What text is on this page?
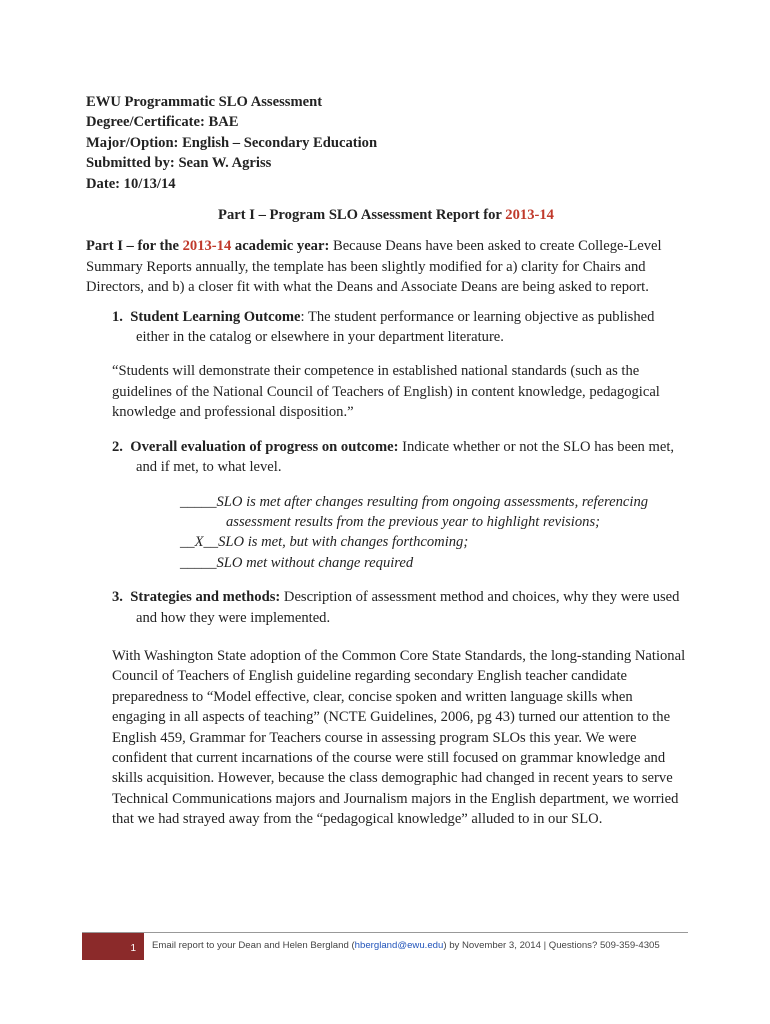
EWU Programmatic SLO Assessment
Degree/Certificate: BAE
Major/Option: English – Secondary Education
Submitted by: Sean W. Agriss
Date: 10/13/14
Part I – Program SLO Assessment Report for 2013-14
Part I – for the 2013-14 academic year: Because Deans have been asked to create College-Level Summary Reports annually, the template has been slightly modified for a) clarity for Chairs and Directors, and b) a closer fit with what the Deans and Associate Deans are being asked to report.
1. Student Learning Outcome: The student performance or learning objective as published either in the catalog or elsewhere in your department literature.
“Students will demonstrate their competence in established national standards (such as the guidelines of the National Council of Teachers of English) in content knowledge, pedagogical knowledge and professional disposition.”
2. Overall evaluation of progress on outcome: Indicate whether or not the SLO has been met, and if met, to what level.
_____SLO is met after changes resulting from ongoing assessments, referencing assessment results from the previous year to highlight revisions;
__X__SLO is met, but with changes forthcoming;
_____SLO met without change required
3. Strategies and methods: Description of assessment method and choices, why they were used and how they were implemented.
With Washington State adoption of the Common Core State Standards, the long-standing National Council of Teachers of English guideline regarding secondary English teacher candidate preparedness to “Model effective, clear, concise spoken and written language skills when engaging in all aspects of teaching” (NCTE Guidelines, 2006, pg 43) turned our attention to the English 459, Grammar for Teachers course in assessing program SLOs this year. We were confident that current incarnations of the course were still focused on grammar knowledge and skills acquisition. However, because the class demographic had changed in recent years to serve Technical Communications majors and Journalism majors in the English department, we worried that we had strayed away from the “pedagogical knowledge” alluded to in our SLO.
1	Email report to your Dean and Helen Bergland (hbergland@ewu.edu) by November 3, 2014 | Questions? 509-359-4305
